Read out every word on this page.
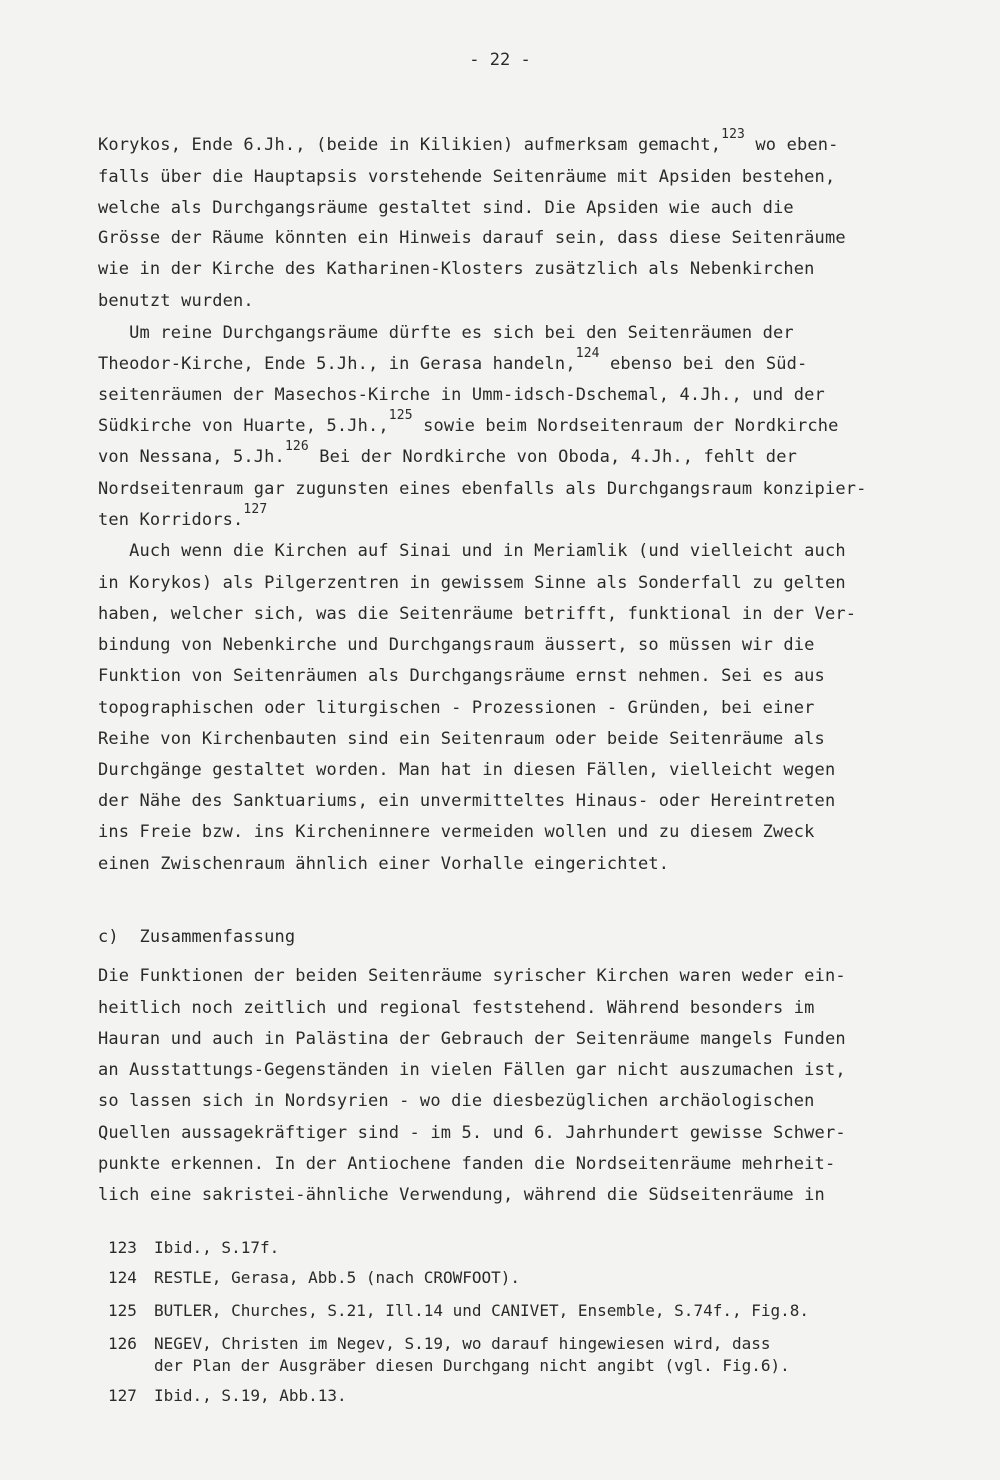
- 22 -
Korykos, Ende 6.Jh., (beide in Kilikien) aufmerksam gemacht,$^{123}$ wo eben-
falls über die Hauptapsis vorstehende Seitenräume mit Apsiden bestehen,
welche als Durchgangsräume gestaltet sind. Die Apsiden wie auch die
Grösse der Räume könnten ein Hinweis darauf sein, dass diese Seitenräume
wie in der Kirche des Katharinen-Klosters zusätzlich als Nebenkirchen
benutzt wurden.
Um reine Durchgangsräume dürfte es sich bei den Seitenräumen der
Theodor-Kirche, Ende 5.Jh., in Gerasa handeln,$^{124}$ ebenso bei den Süd-
seitenräumen der Masechos-Kirche in Umm-idsch-Dschemal, 4.Jh., und der
Südkirche von Huarte, 5.Jh.,$^{125}$ sowie beim Nordseitenraum der Nordkirche
von Nessana, 5.Jh.$^{126}$ Bei der Nordkirche von Oboda, 4.Jh., fehlt der
Nordseitenraum gar zugunsten eines ebenfalls als Durchgangsraum konzipier-
ten Korridors.$^{127}$
Auch wenn die Kirchen auf Sinai und in Meriamlik (und vielleicht auch
in Korykos) als Pilgerzentren in gewissem Sinne als Sonderfall zu gelten
haben, welcher sich, was die Seitenräume betrifft, funktional in der Ver-
bindung von Nebenkirche und Durchgangsraum äussert, so müssen wir die
Funktion von Seitenräumen als Durchgangsräume ernst nehmen. Sei es aus
topographischen oder liturgischen - Prozessionen - Gründen, bei einer
Reihe von Kirchenbauten sind ein Seitenraum oder beide Seitenräume als
Durchgänge gestaltet worden. Man hat in diesen Fällen, vielleicht wegen
der Nähe des Sanktuariums, ein unvermitteltes Hinaus- oder Hereintreten
ins Freie bzw. ins Kircheninnere vermeiden wollen und zu diesem Zweck
einen Zwischenraum ähnlich einer Vorhalle eingerichtet.
c)  Zusammenfassung
Die Funktionen der beiden Seitenräume syrischer Kirchen waren weder ein-
heitlich noch zeitlich und regional feststehend. Während besonders im
Hauran und auch in Palästina der Gebrauch der Seitenräume mangels Funden
an Ausstattungs-Gegenständen in vielen Fällen gar nicht auszumachen ist,
so lassen sich in Nordsyrien - wo die diesbezüglichen archäologischen
Quellen aussagekräftiger sind - im 5. und 6. Jahrhundert gewisse Schwer-
punkte erkennen. In der Antiochene fanden die Nordseitenräume mehrheit-
lich eine sakristei-ähnliche Verwendung, während die Südseitenräume in
123 Ibid., S.17f.
124 RESTLE, Gerasa, Abb.5 (nach CROWFOOT).
125 BUTLER, Churches, S.21, Ill.14 und CANIVET, Ensemble, S.74f., Fig.8.
126 NEGEV, Christen im Negev, S.19, wo darauf hingewiesen wird, dass
der Plan der Ausgräber diesen Durchgang nicht angibt (vgl. Fig.6).
127 Ibid., S.19, Abb.13.
